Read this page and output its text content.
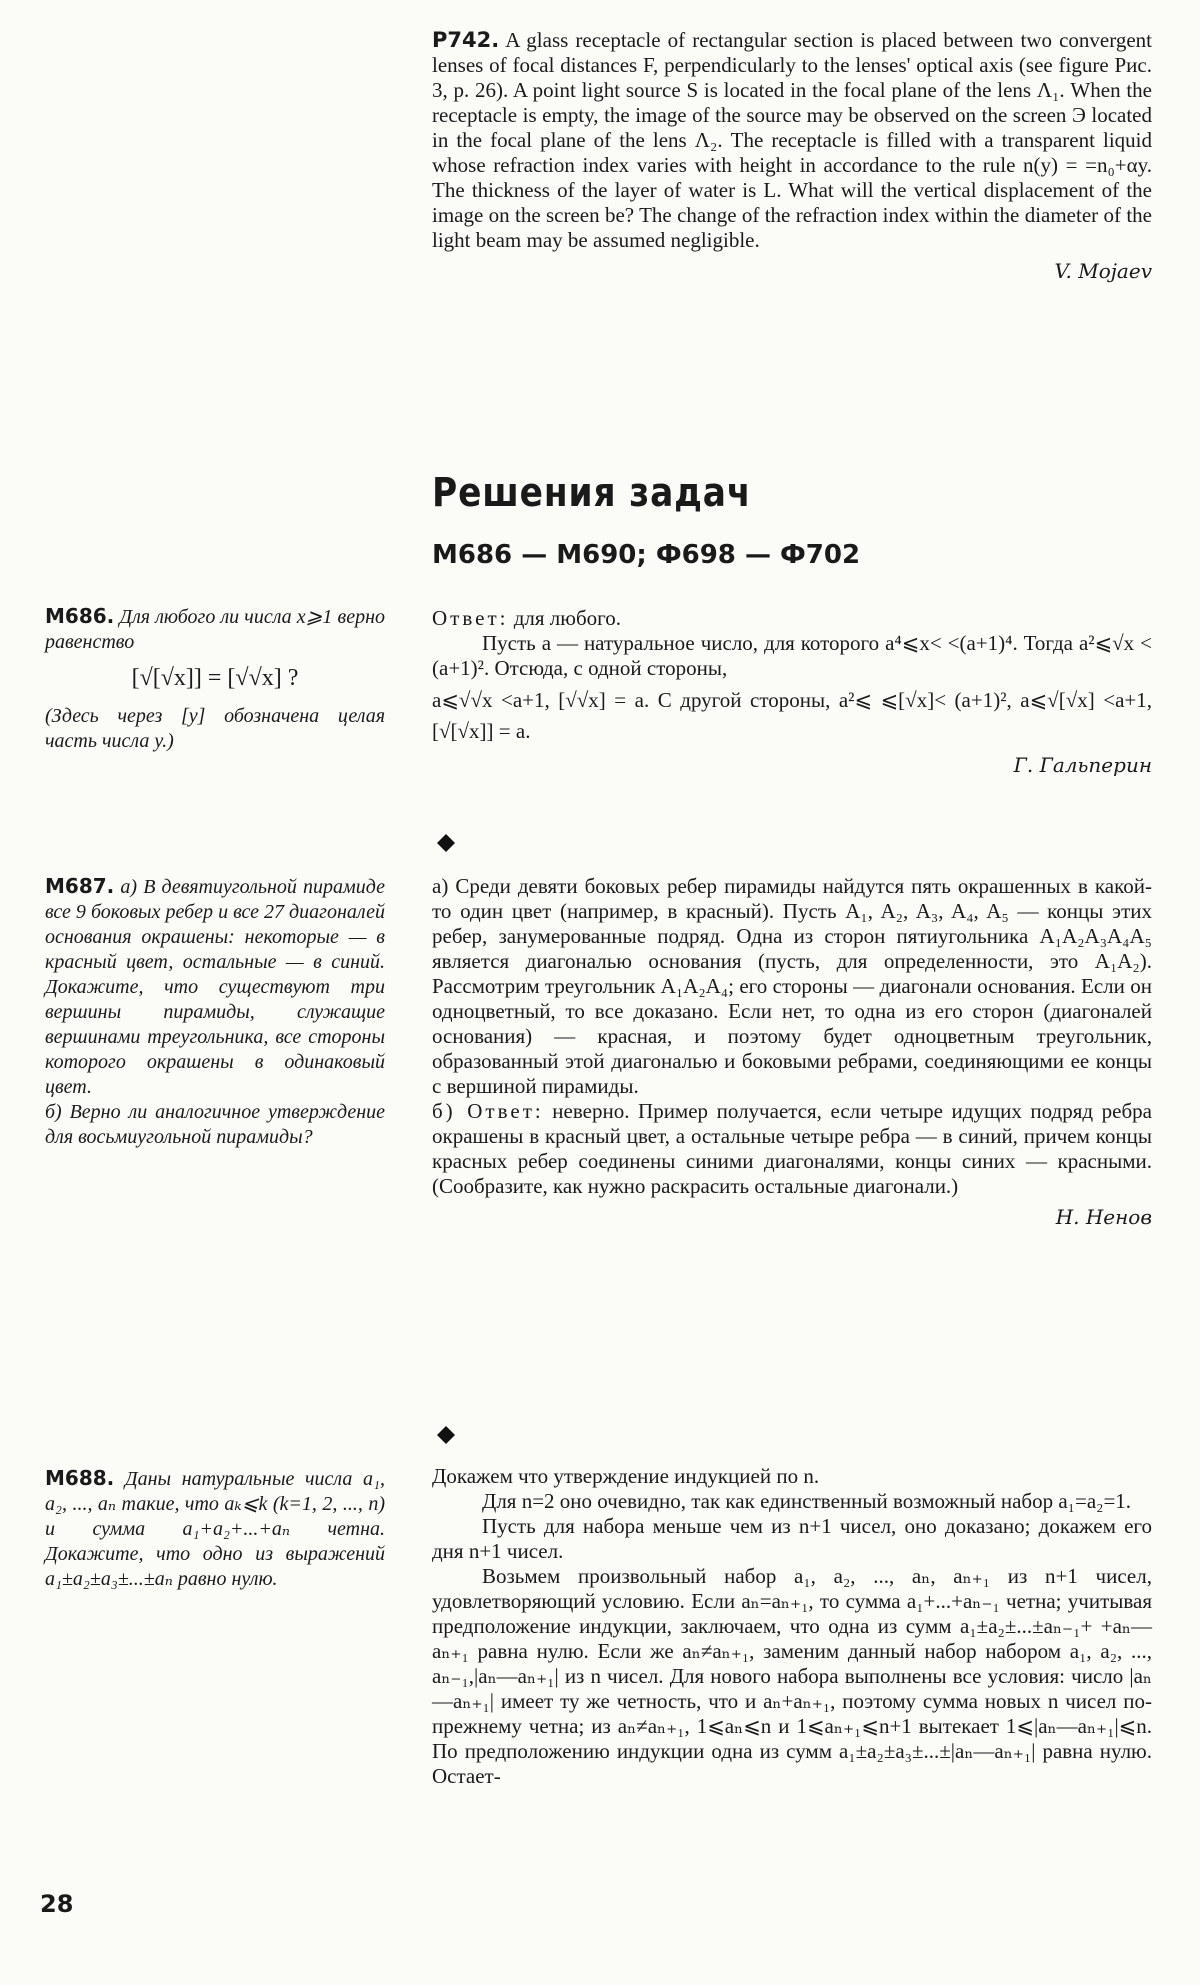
P742. A glass receptacle of rectangular section is placed between two convergent lenses of focal distances F, perpendicularly to the lenses' optical axis (see figure Рис. 3, p. 26). A point light source S is located in the focal plane of the lens Λ₁. When the receptacle is empty, the image of the source may be observed on the screen Э located in the focal plane of the lens Λ₂. The receptacle is filled with a transparent liquid whose refraction index varies with height in accordance to the rule n(y) = =n₀+αy. The thickness of the layer of water is L. What will the vertical displacement of the image on the screen be? The change of the refraction index within the diameter of the light beam may be assumed negligible.

V. Mojaev

Решения задач
М686 — М690; Ф698 — Ф702

М686. Для любого ли числа x⩾1 верно равенство

[√[√x]] = [√√x] ?

(Здесь через [y] обозначена целая часть числа y.)

Ответ: для любого.

Пусть a — натуральное число, для которого a⁴⩽x< <(a+1)⁴. Тогда a²⩽√x < (a+1)². Отсюда, с одной стороны,

a⩽√√x <a+1, [√√x] = a. С другой стороны, a²⩽ ⩽[√x]< (a+1)², a⩽√[√x] <a+1, [√[√x]] = a.

Г. Гальперин

М687. а) В девятиугольной пирамиде все 9 боковых ребер и все 27 диагоналей основания окрашены: некоторые — в красный цвет, остальные — в синий. Докажите, что существуют три вершины пирамиды, служащие вершинами треугольника, все стороны которого окрашены в одинаковый цвет.

б) Верно ли аналогичное утверждение для восьмиугольной пирамиды?

а) Среди девяти боковых ребер пирамиды найдутся пять окрашенных в какой-то один цвет (например, в красный). Пусть A₁, A₂, A₃, A₄, A₅ — концы этих ребер, занумерованные подряд. Одна из сторон пятиугольника A₁A₂A₃A₄A₅ является диагональю основания (пусть, для определенности, это A₁A₂). Рассмотрим треугольник A₁A₂A₄; его стороны — диагонали основания. Если он одноцветный, то все доказано. Если нет, то одна из его сторон (диагоналей основания) — красная, и поэтому будет одноцветным треугольник, образованный этой диагональю и боковыми ребрами, соединяющими ее концы с вершиной пирамиды.

б) Ответ: неверно. Пример получается, если четыре идущих подряд ребра окрашены в красный цвет, а остальные четыре ребра — в синий, причем концы красных ребер соединены синими диагоналями, концы синих — красными. (Сообразите, как нужно раскрасить остальные диагонали.)

Н. Ненов

М688. Даны натуральные числа a₁, a₂, ..., aₙ такие, что aₖ⩽k (k=1, 2, ..., n) и сумма a₁+a₂+...+aₙ четна. Докажите, что одно из выражений a₁±a₂±a₃±...±aₙ равно нулю.

Докажем что утверждение индукцией по n.

Для n=2 оно очевидно, так как единственный возможный набор a₁=a₂=1.

Пусть для набора меньше чем из n+1 чисел, оно доказано; докажем его дня n+1 чисел.

Возьмем произвольный набор a₁, a₂, ..., aₙ, aₙ₊₁ из n+1 чисел, удовлетворяющий условию. Если aₙ=aₙ₊₁, то сумма a₁+...+aₙ₋₁ четна; учитывая предположение индукции, заключаем, что одна из сумм a₁±a₂±...±aₙ₋₁+ +aₙ—aₙ₊₁ равна нулю. Если же aₙ≠aₙ₊₁, заменим данный набор набором a₁, a₂, ..., aₙ₋₁,|aₙ—aₙ₊₁| из n чисел. Для нового набора выполнены все условия: число |aₙ—aₙ₊₁| имеет ту же четность, что и aₙ+aₙ₊₁, поэтому сумма новых n чисел по-прежнему четна; из aₙ≠aₙ₊₁, 1⩽aₙ⩽n и 1⩽aₙ₊₁⩽n+1 вытекает 1⩽|aₙ—aₙ₊₁|⩽n. По предположению индукции одна из сумм a₁±a₂±a₃±...±|aₙ—aₙ₊₁| равна нулю. Остает-

28
